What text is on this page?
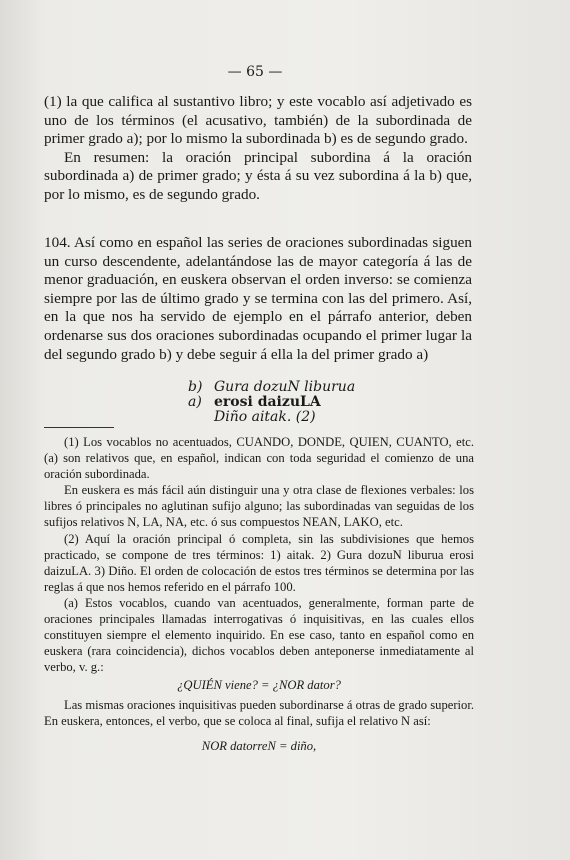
— 65 —

(1) la que califica al sustantivo libro; y este vocablo así adjetivado es uno de los términos (el acusativo, también) de la subordinada de primer grado a); por lo mismo la subordinada b) es de segundo grado.

En resumen: la oración principal subordina á la oración subordinada a) de primer grado; y ésta á su vez subordina á la b) que, por lo mismo, es de segundo grado.

104. Así como en español las series de oraciones subordinadas siguen un curso descendente, adelantándose las de mayor categoría á las de menor graduación, en euskera observan el orden inverso: se comienza siempre por las de último grado y se termina con las del primero. Así, en la que nos ha servido de ejemplo en el párrafo anterior, deben ordenarse sus dos oraciones subordinadas ocupando el primer lugar la del segundo grado b) y debe seguir á ella la del primer grado a)

b) Gura dozuN liburua
a) erosi daizuLA
Diño aitak. (2)

(1) Los vocablos no acentuados, CUANDO, DONDE, QUIEN, CUANTO, etc. (a) son relativos que, en español, indican con toda seguridad el comienzo de una oración subordinada.

En euskera es más fácil aún distinguir una y otra clase de flexiones verbales: los libres ó principales no aglutinan sufijo alguno; las subordinadas van seguidas de los sufijos relativos N, LA, NA, etc. ó sus compuestos NEAN, LAKO, etc.

(2) Aquí la oración principal ó completa, sin las subdivisiones que hemos practicado, se compone de tres términos: 1) aitak. 2) Gura dozuN liburua erosi daizuLA. 3) Diño. El orden de colocación de estos tres términos se determina por las reglas á que nos hemos referido en el párrafo 100.

(a) Estos vocablos, cuando van acentuados, generalmente, forman parte de oraciones principales llamadas interrogativas ó inquisitivas, en las cuales ellos constituyen siempre el elemento inquirido. En ese caso, tanto en español como en euskera (rara coincidencia), dichos vocablos deben anteponerse inmediatamente al verbo, v. g.:

¿QUIÉN viene? = ¿NOR dator?

Las mismas oraciones inquisitivas pueden subordinarse á otras de grado superior. En euskera, entonces, el verbo, que se coloca al final, sufija el relativo N así:

NOR datorreN = diño,
